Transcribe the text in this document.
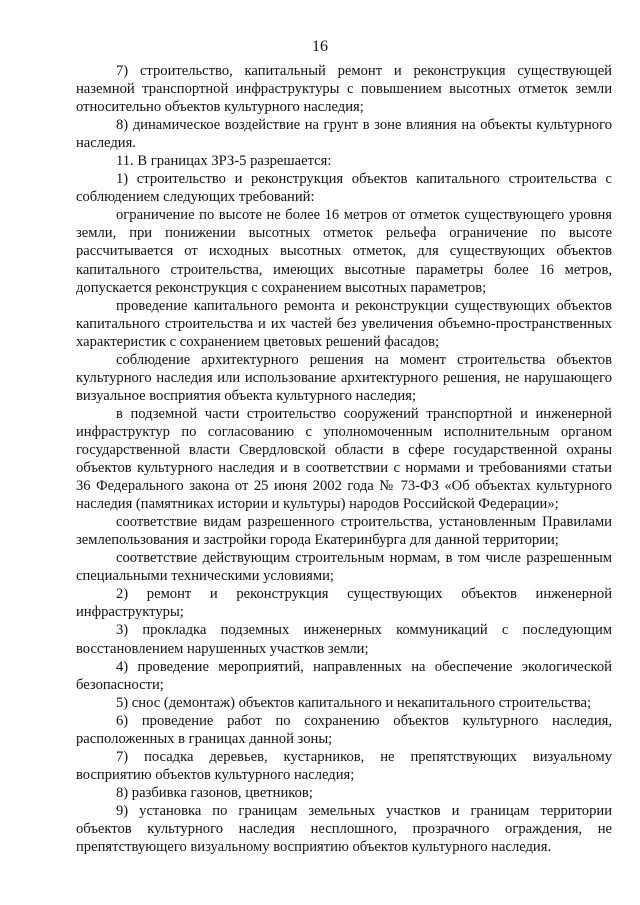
16

7) строительство, капитальный ремонт и реконструкция существующей наземной транспортной инфраструктуры с повышением высотных отметок земли относительно объектов культурного наследия;

8) динамическое воздействие на грунт в зоне влияния на объекты культурного наследия.

11. В границах ЗРЗ-5 разрешается:

1) строительство и реконструкция объектов капитального строительства с соблюдением следующих требований:

ограничение по высоте не более 16 метров от отметок существующего уровня земли, при понижении высотных отметок рельефа ограничение по высоте рассчитывается от исходных высотных отметок, для существующих объектов капитального строительства, имеющих высотные параметры более 16 метров, допускается реконструкция с сохранением высотных параметров;

проведение капитального ремонта и реконструкции существующих объектов капитального строительства и их частей без увеличения объемно-пространственных характеристик с сохранением цветовых решений фасадов;

соблюдение архитектурного решения на момент строительства объектов культурного наследия или использование архитектурного решения, не нарушающего визуальное восприятия объекта культурного наследия;

в подземной части строительство сооружений транспортной и инженерной инфраструктур по согласованию с уполномоченным исполнительным органом государственной власти Свердловской области в сфере государственной охраны объектов культурного наследия и в соответствии с нормами и требованиями статьи 36 Федерального закона от 25 июня 2002 года № 73-ФЗ «Об объектах культурного наследия (памятниках истории и культуры) народов Российской Федерации»;

соответствие видам разрешенного строительства, установленным Правилами землепользования и застройки города Екатеринбурга для данной территории;

соответствие действующим строительным нормам, в том числе разрешенным специальными техническими условиями;

2) ремонт и реконструкция существующих объектов инженерной инфраструктуры;

3) прокладка подземных инженерных коммуникаций с последующим восстановлением нарушенных участков земли;

4) проведение мероприятий, направленных на обеспечение экологической безопасности;

5) снос (демонтаж) объектов капитального и некапитального строительства;

6) проведение работ по сохранению объектов культурного наследия, расположенных в границах данной зоны;

7) посадка деревьев, кустарников, не препятствующих визуальному восприятию объектов культурного наследия;

8) разбивка газонов, цветников;

9) установка по границам земельных участков и границам территории объектов культурного наследия несплошного, прозрачного ограждения, не препятствующего визуальному восприятию объектов культурного наследия.
